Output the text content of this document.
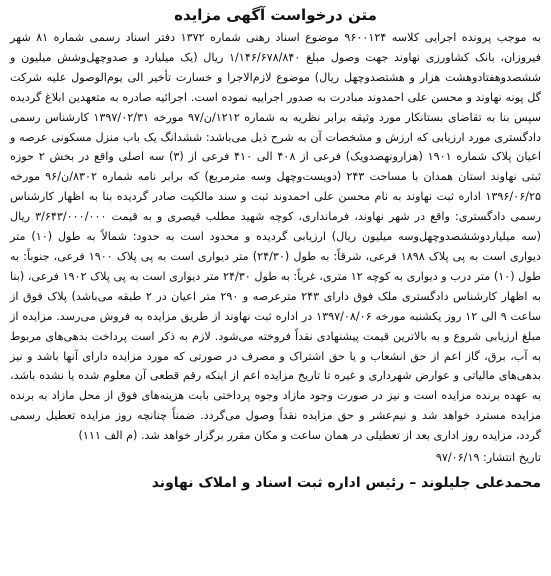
متن درخواست آگهی مزایده

به موجب پرونده اجرایی کلاسه ۹۶۰۰۱۲۴ موضوع اسناد رهنی شماره ۱۳۷۲ دفتر اسناد رسمی شماره ۸۱ شهر فیروزان، بانک کشاورزی نهاوند جهت وصول مبلغ ۱/۱۴۶/۶۷۸/۸۴۰ ریال (یک میلیارد و صدوچهل‌وشش میلیون و ششصدوهفتادوهشت هزار و هشتصدوچهل ریال) موضوع لازم‌الاجرا و خسارت تأخیر الی یوم‌الوصول علیه شرکت گل پونه نهاوند و محسن علی احمدوند مبادرت به صدور اجراییه نموده است. اجرائیه صادره به متعهدین ابلاغ گردیده سپس بنا به تقاضای بستانکار مورد وثیقه برابر نظریه به شماره ۱۲۱۲/ن/۹۷ مورخه ۱۳۹۷/۰۲/۳۱ کارشناس رسمی دادگستری مورد ارزیابی که ارزش و مشخصات آن به شرح ذیل می‌باشد: ششدانگ یک باب منزل مسکونی عرصه و اعیان پلاک شماره ۱۹۰۱ (هزارونهصدویک) فرعی از ۴۰۸ الی ۴۱۰ فرعی از (۳) سه اصلی واقع در بخش ۲ حوزه ثبتی نهاوند استان همدان با مساحت ۲۴۳ (دویست‌وچهل وسه مترمربع) که برابر نامه شماره ۸۳۰۲/ن/۹۶ مورخه ۱۳۹۶/۰۶/۲۵ اداره ثبت نهاوند به نام محسن علی احمدوند ثبت و سند مالکیت صادر گردیده بنا به اظهار کارشناس رسمی دادگستری: واقع در شهر نهاوند، فرمانداری، کوچه شهید مطلب قیصری و به قیمت ۳/۶۴۳/۰۰۰/۰۰۰ ریال (سه میلیاردوششصدوچهل‌وسه میلیون ریال) ارزیابی گردیده و محدود است به حدود: شمالاً به طول (۱۰) متر دیواری است به پی پلاک ۱۸۹۸ فرعی، شرقاً: به طول (۲۴/۳۰) متر دیواری است به پی پلاک ۱۹۰۰ فرعی، جنوباً: به طول (۱۰) متر درب و دیواری به کوچه ۱۲ متری، غرباً: به طول ۲۴/۳۰ متر دیواری است به پی پلاک ۱۹۰۲ فرعی، (بنا به اظهار کارشناس دادگستری ملک فوق دارای ۲۴۳ مترعرصه و ۲۹۰ متر اعیان در ۲ طبقه می‌باشد) پلاک فوق از ساعت ۹ الی ۱۲ روز یکشنبه مورخه ۱۳۹۷/۰۸/۰۶ در اداره ثبت نهاوند از طریق مزایده به فروش می‌رسد. مزایده از مبلغ ارزیابی شروع و به بالاترین قیمت پیشنهادی نقداً فروخته می‌شود. لازم به ذکر است پرداخت بدهی‌های مربوط به آب، برق، گاز اعم از حق انشعاب و یا حق اشتراک و مصرف در صورتی که مورد مزایده دارای آنها باشد و نیز بدهی‌های مالیاتی و عوارض شهرداری و غیره تا تاریخ مزایده اعم از اینکه رقم قطعی آن معلوم شده یا نشده باشد، به عهده برنده مزایده است و نیز در صورت وجود مازاد وجوه پرداختی بابت هزینه‌های فوق از محل مازاد به برنده مزایده مسترد خواهد شد و نیم‌عشر و حق مزایده نقداً وصول می‌گردد. ضمناً چنانچه روز مزایده تعطیل رسمی گردد، مزایده روز اداری بعد از تعطیلی در همان ساعت و مکان مقرر برگزار خواهد شد. (م الف ۱۱۱)

تاریخ انتشار: ۹۷/۰۶/۱۹

محمدعلی جلیلوند – رئیس اداره ثبت اسناد و املاک نهاوند
